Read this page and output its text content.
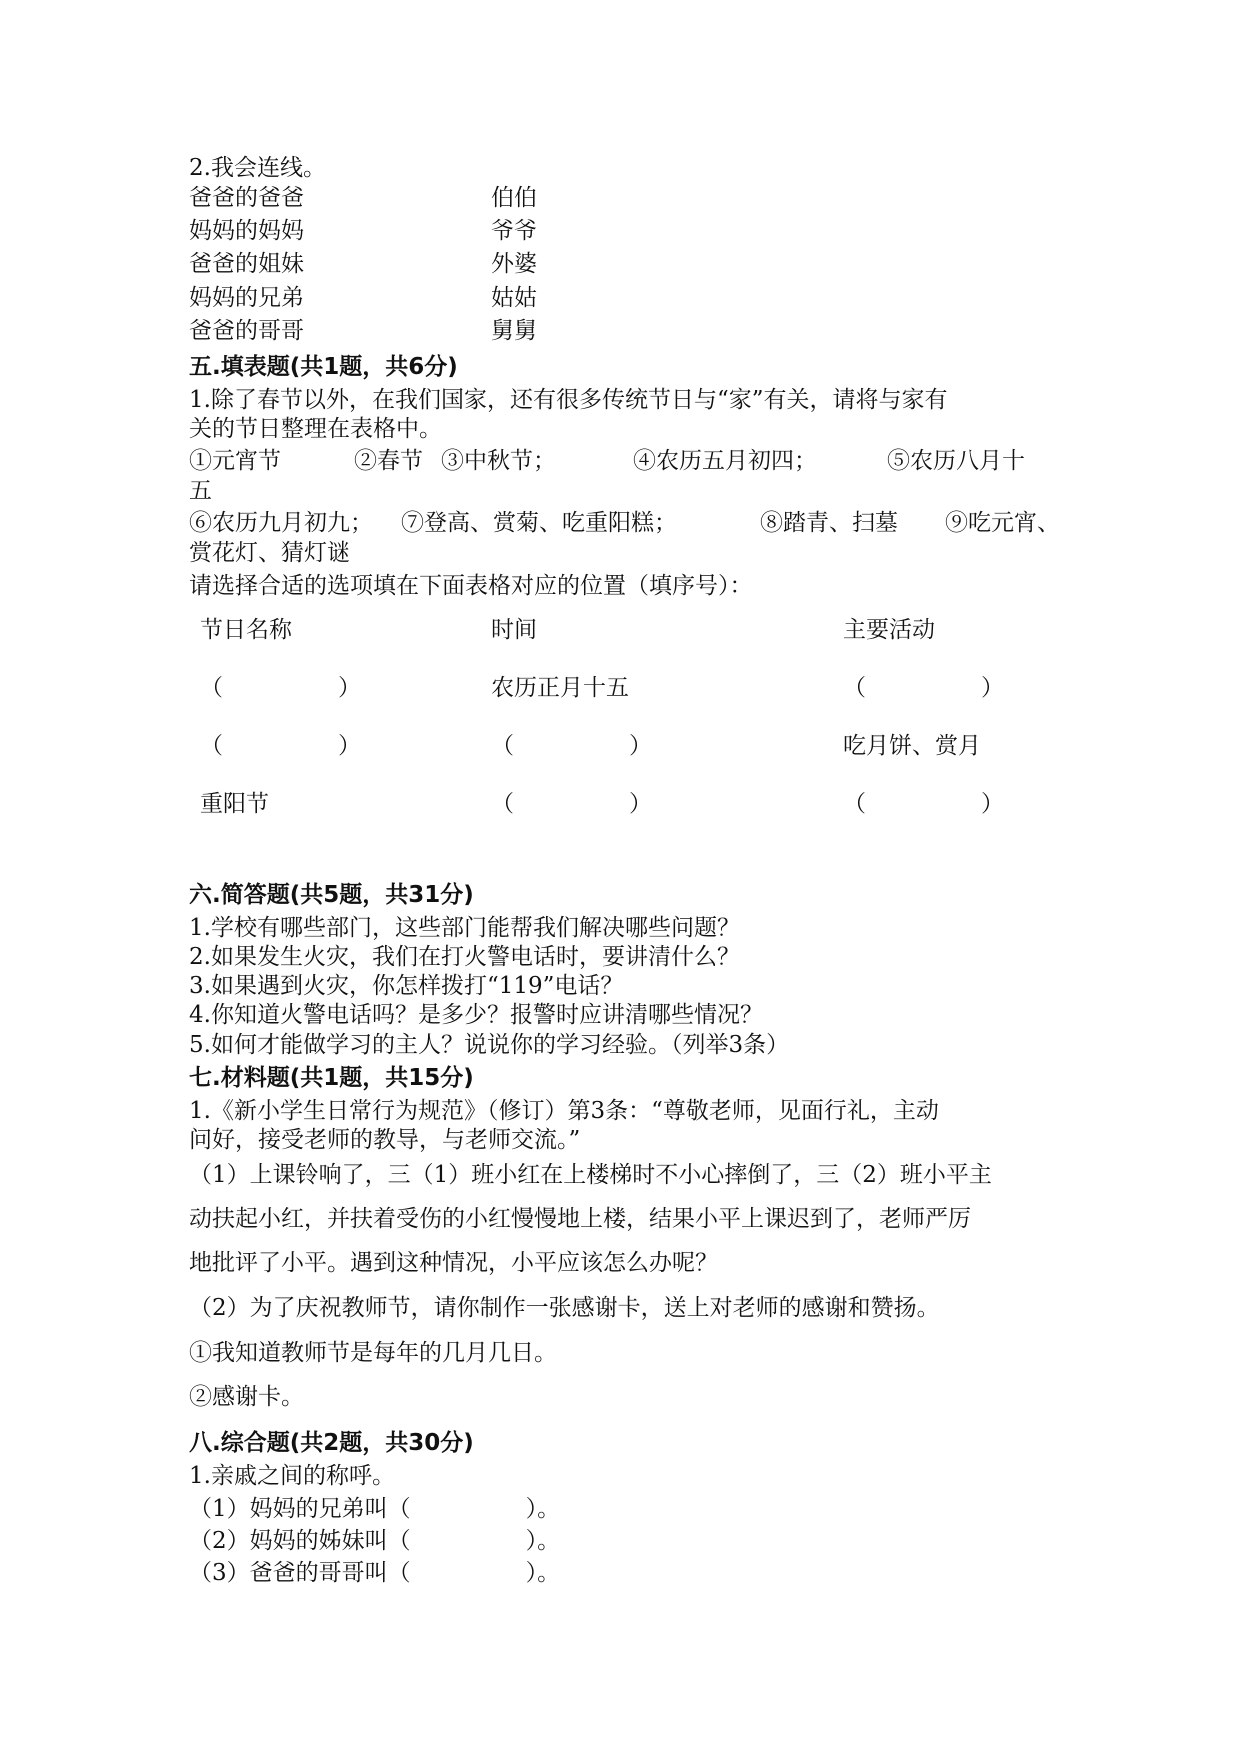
2.我会连线。
爸爸的爸爸	伯伯
妈妈的妈妈	爷爷
爸爸的姐妹	外婆
妈妈的兄弟	姑姑
爸爸的哥哥	舅舅
五.填表题(共1题，共6分)
1.除了春节以外，在我们国家，还有很多传统节日与“家”有关，请将与家有
关的节日整理在表格中。
①元宵节	②春节 ③中秋节；	④农历五月初四；	⑤农历八月十
五
⑥农历九月初九； ⑦登高、赏菊、吃重阳糕；	⑧踏青、扫墓 ⑨吃元宵、
赏花灯、猜灯谜
请选择合适的选项填在下面表格对应的位置（填序号）：
节日名称	时间	主要活动
（　　　　　）	农历正月十五	（　　　　　）
（　　　　　）	（　　　　　）	吃月饼、赏月
重阳节	（　　　　　）	（　　　　　）
六.简答题(共5题，共31分)
1.学校有哪些部门，这些部门能帮我们解决哪些问题？
2.如果发生火灾，我们在打火警电话时，要讲清什么？
3.如果遇到火灾，你怎样拨打“119”电话？
4.你知道火警电话吗？是多少？报警时应讲清哪些情况？
5.如何才能做学习的主人？说说你的学习经验。（列举3条）
七.材料题(共1题，共15分)
1.《新小学生日常行为规范》（修订）第3条：“尊敬老师，见面行礼，主动
问好，接受老师的教导，与老师交流。”
（1）上课铃响了，三（1）班小红在上楼梯时不小心摔倒了，三（2）班小平主
动扶起小红，并扶着受伤的小红慢慢地上楼，结果小平上课迟到了，老师严厉
地批评了小平。遇到这种情况，小平应该怎么办呢？
（2）为了庆祝教师节，请你制作一张感谢卡，送上对老师的感谢和赞扬。
①我知道教师节是每年的几月几日。
②感谢卡。
八.综合题(共2题，共30分)
1.亲戚之间的称呼。
（1）妈妈的兄弟叫（　　　　　）。
（2）妈妈的姊妹叫（　　　　　）。
（3）爸爸的哥哥叫（　　　　　）。
